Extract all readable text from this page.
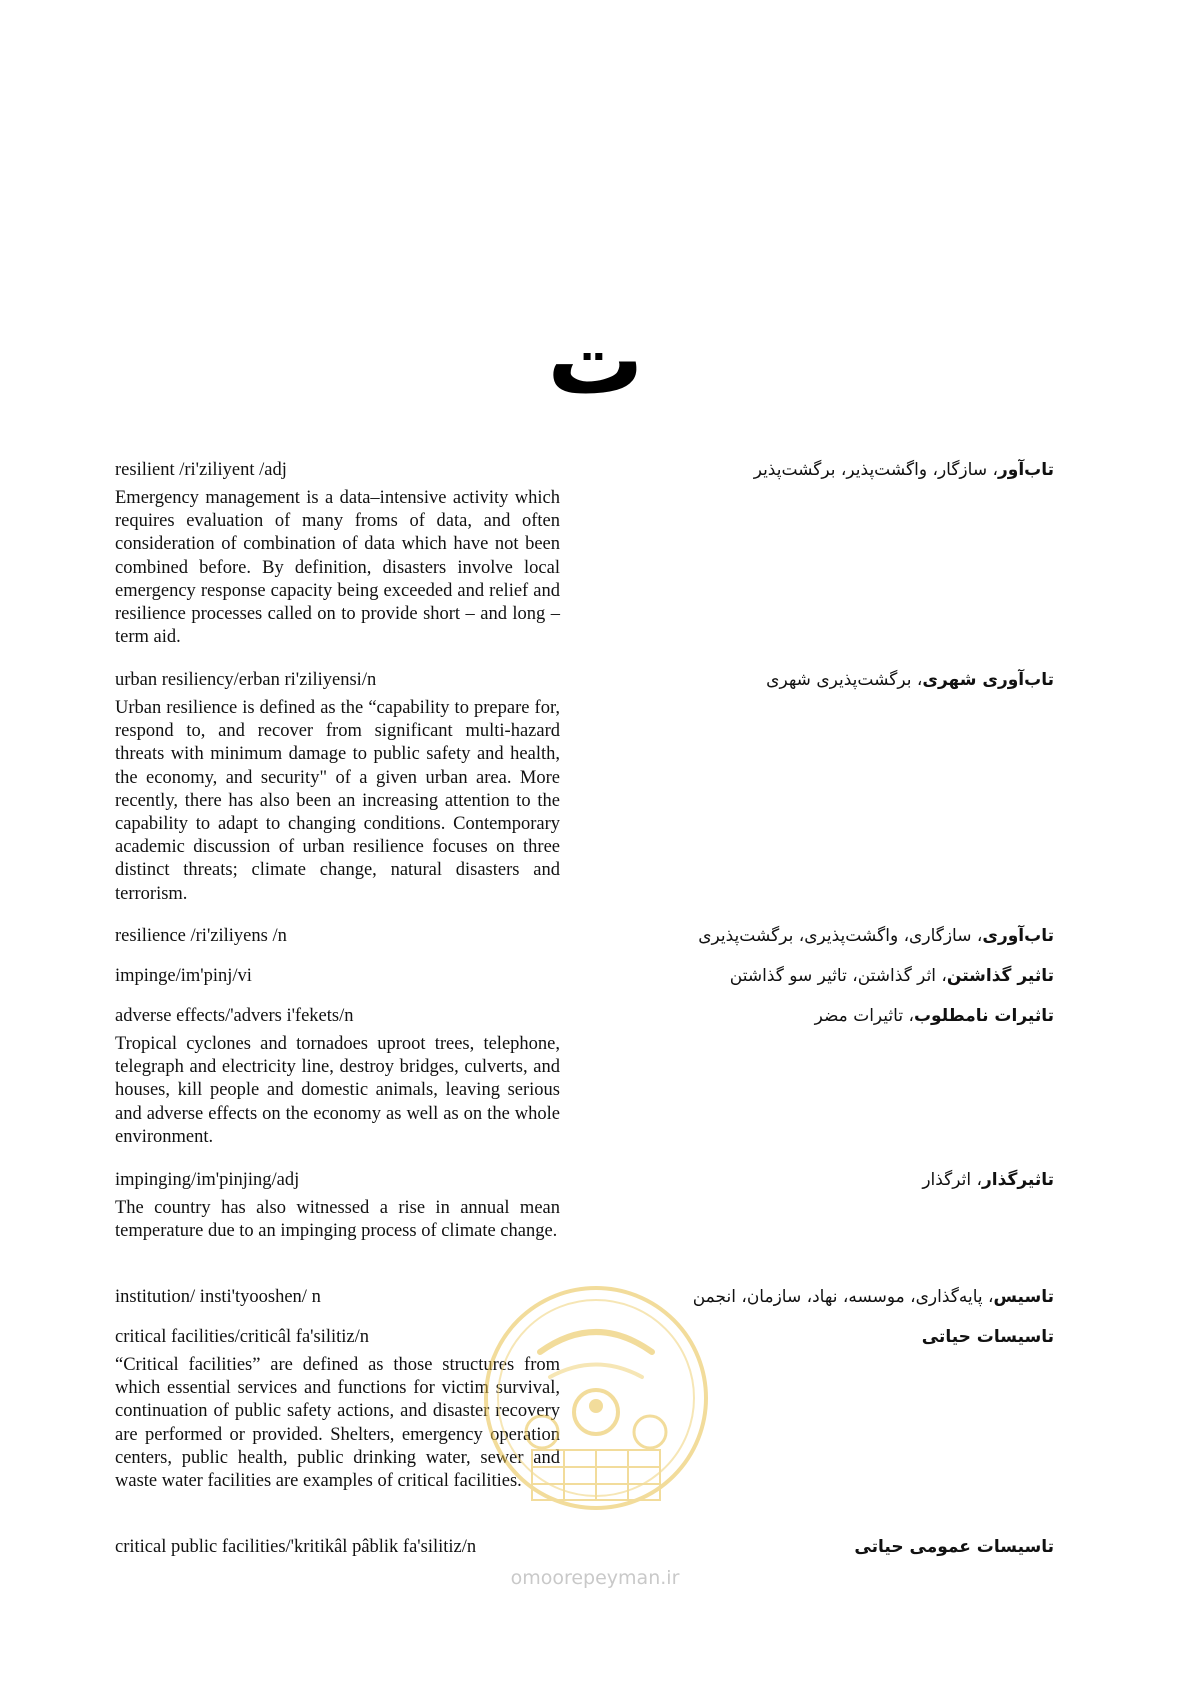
ت
تاب‌آور، سازگار، واگشت‌پذیر، برگشت‌پذیر
resilient /ri'ziliyent /adj
Emergency management is a data–intensive activity which requires evaluation of many froms of data, and often consideration of combination of data which have not been combined before. By definition, disasters involve local emergency response capacity being exceeded and relief and resilience processes called on to provide short – and long – term aid.
تاب‌آوری شهری، برگشت‌پذیری شهری
urban resiliency/erban ri'ziliyensi/n
Urban resilience is defined as the “capability to prepare for, respond to, and recover from significant multi-hazard threats with minimum damage to public safety and health, the economy, and security" of a given urban area. More recently, there has also been an increasing attention to the capability to adapt to changing conditions. Contemporary academic discussion of urban resilience focuses on three distinct threats; climate change, natural disasters and terrorism.
تاب‌آوری، سازگاری، واگشت‌پذیری، برگشت‌پذیری
resilience /ri'ziliyens /n
تاثیر گذاشتن، اثر گذاشتن، تاثیر سو گذاشتن
impinge/im'pinj/vi
تاثیرات نامطلوب، تاثیرات مضر
adverse effects/'advers i'fekets/n
Tropical cyclones and tornadoes uproot trees, telephone, telegraph and electricity line, destroy bridges, culverts, and houses, kill people and domestic animals, leaving serious and adverse effects on the economy as well as on the whole environment.
تاثیرگذار، اثرگذار
impinging/im'pinjing/adj
The country has also witnessed a rise in annual mean temperature due to an impinging process of climate change.
تاسیس، پایه‌گذاری، موسسه، نهاد، سازمان، انجمن
institution/ insti'tyooshen/ n
تاسیسات حیاتی
critical facilities/criticâl fa'silitiz/n
“Critical facilities” are defined as those structures from which essential services and functions for victim survival, continuation of public safety actions, and disaster recovery are performed or provided. Shelters, emergency operation centers, public health, public drinking water, sewer and waste water facilities are examples of critical facilities.
تاسیسات عمومی حیاتی
critical public facilities/'kritikâl pâblik fa'silitiz/n
omoorepeyman.ir
